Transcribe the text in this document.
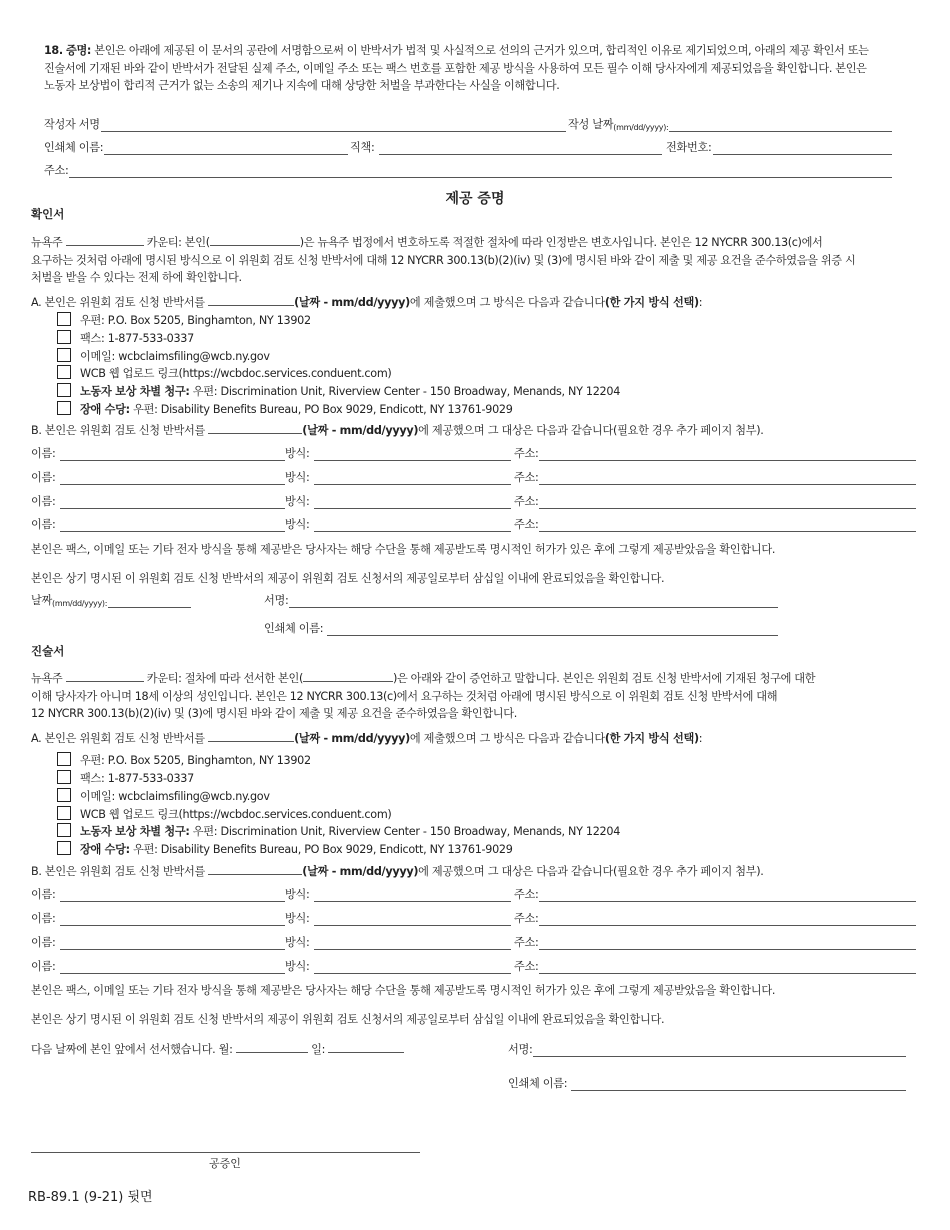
18. 증명: 본인은 아래에 제공된 이 문서의 공란에 서명함으로써 이 반박서가 법적 및 사실적으로 선의의 근거가 있으며, 합리적인 이유로 제기되었으며, 아래의 제공 확인서 또는
진술서에 기재된 바와 같이 반박서가 전달된 실제 주소, 이메일 주소 또는 팩스 번호를 포함한 제공 방식을 사용하여 모든 필수 이해 당사자에게 제공되었음을 확인합니다. 본인은
노동자 보상법이 합리적 근거가 없는 소송의 제기나 지속에 대해 상당한 처벌을 부과한다는 사실을 이해합니다.
작성자 서명	작성 날짜 (mm/dd/yyyy):
인쇄체 이름:	직책:	전화번호:
주소:
제공 증명
확인서
뉴욕주	카운티: 본인(	)은 뉴욕주 법정에서 변호하도록 적절한 절차에 따라 인정받은 변호사입니다. 본인은 12 NYCRR 300.13(c)에서
요구하는 것처럼 아래에 명시된 방식으로 이 위원회 검토 신청 반박서에 대해 12 NYCRR 300.13(b)(2)(iv) 및 (3)에 명시된 바와 같이 제출 및 제공 요건을 준수하였음을 위증 시
처벌을 받을 수 있다는 전제 하에 확인합니다.
A. 본인은 위원회 검토 신청 반박서를	(날짜 - mm/dd/yyyy)에 제출했으며 그 방식은 다음과 같습니다(한 가지 방식 선택):
우편: P.O. Box 5205, Binghamton, NY 13902
팩스: 1-877-533-0337
이메일: wcbclaimsfiling@wcb.ny.gov
WCB 웹 업로드 링크(https://wcbdoc.services.conduent.com)
노동자 보상 차별 청구: 우편: Discrimination Unit, Riverview Center - 150 Broadway, Menands, NY 12204
장애 수당: 우편: Disability Benefits Bureau, PO Box 9029, Endicott, NY 13761-9029
B. 본인은 위원회 검토 신청 반박서를	(날짜 - mm/dd/yyyy)에 제공했으며 그 대상은 다음과 같습니다(필요한 경우 추가 페이지 첨부).
이름:	방식:	주소:
이름:	방식:	주소:
이름:	방식:	주소:
이름:	방식:	주소:
본인은 팩스, 이메일 또는 기타 전자 방식을 통해 제공받은 당사자는 해당 수단을 통해 제공받도록 명시적인 허가가 있은 후에 그렇게 제공받았음을 확인합니다.
본인은 상기 명시된 이 위원회 검토 신청 반박서의 제공이 위원회 검토 신청서의 제공일로부터 삼십일 이내에 완료되었음을 확인합니다.
날짜 (mm/dd/yyyy):	서명:
인쇄체 이름:
진술서
뉴욕주	카운티: 절차에 따라 선서한 본인(	)은 아래와 같이 증언하고 말합니다. 본인은 위원회 검토 신청 반박서에 기재된 청구에 대한
이해 당사자가 아니며 18세 이상의 성인입니다. 본인은 12 NYCRR 300.13(c)에서 요구하는 것처럼 아래에 명시된 방식으로 이 위원회 검토 신청 반박서에 대해
12 NYCRR 300.13(b)(2)(iv) 및 (3)에 명시된 바와 같이 제출 및 제공 요건을 준수하였음을 확인합니다.
A. 본인은 위원회 검토 신청 반박서를	(날짜 - mm/dd/yyyy)에 제출했으며 그 방식은 다음과 같습니다(한 가지 방식 선택):
우편: P.O. Box 5205, Binghamton, NY 13902
팩스: 1-877-533-0337
이메일: wcbclaimsfiling@wcb.ny.gov
WCB 웹 업로드 링크(https://wcbdoc.services.conduent.com)
노동자 보상 차별 청구: 우편: Discrimination Unit, Riverview Center - 150 Broadway, Menands, NY 12204
장애 수당: 우편: Disability Benefits Bureau, PO Box 9029, Endicott, NY 13761-9029
B. 본인은 위원회 검토 신청 반박서를	(날짜 - mm/dd/yyyy)에 제공했으며 그 대상은 다음과 같습니다(필요한 경우 추가 페이지 첨부).
이름:	방식:	주소:
이름:	방식:	주소:
이름:	방식:	주소:
이름:	방식:	주소:
본인은 팩스, 이메일 또는 기타 전자 방식을 통해 제공받은 당사자는 해당 수단을 통해 제공받도록 명시적인 허가가 있은 후에 그렇게 제공받았음을 확인합니다.
본인은 상기 명시된 이 위원회 검토 신청 반박서의 제공이 위원회 검토 신청서의 제공일로부터 삼십일 이내에 완료되었음을 확인합니다.
다음 날짜에 본인 앞에서 선서했습니다. 월:	일:	서명:
인쇄체 이름:
공증인
RB-89.1 (9-21) 뒷면
